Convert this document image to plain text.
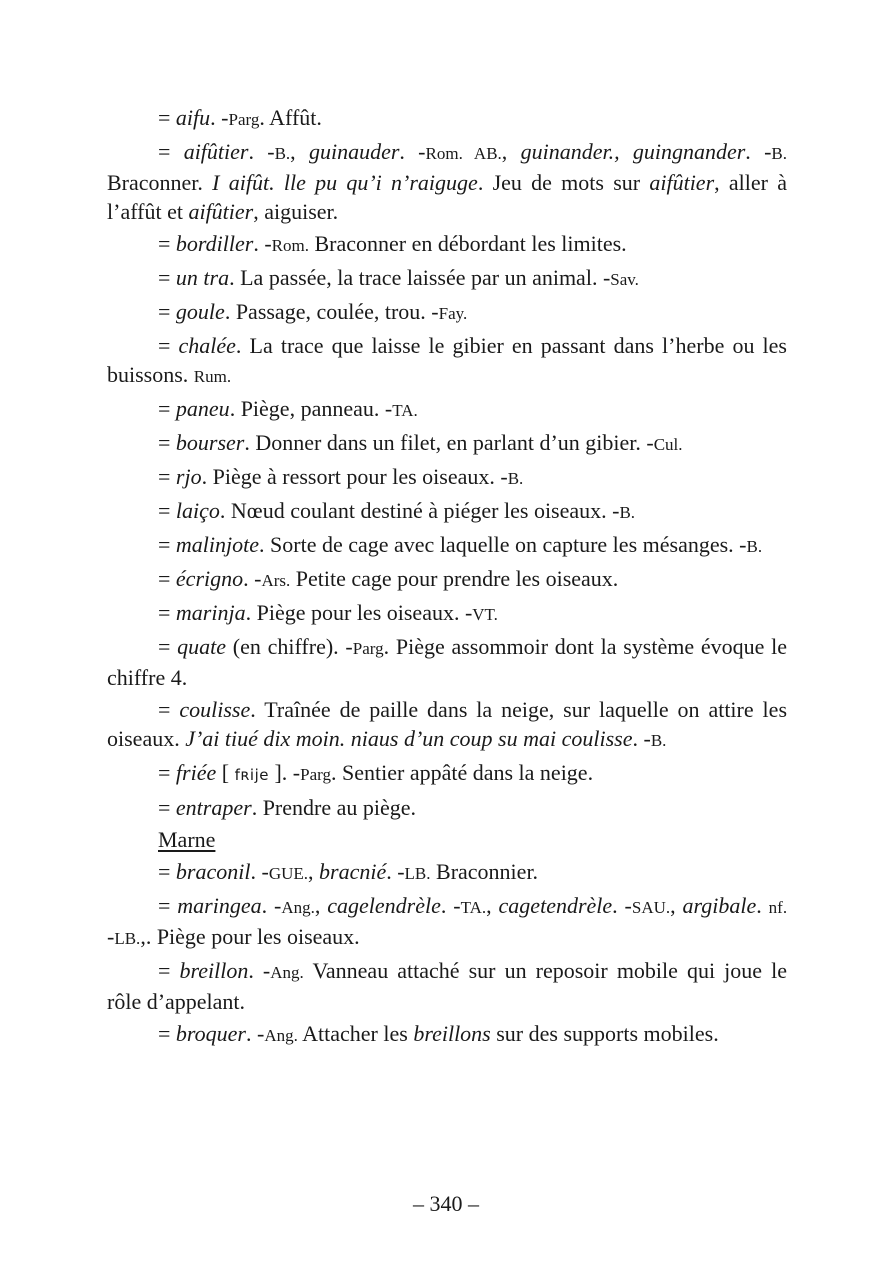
= aifu. -Parg. Affût.

= aifûtier. -B., guinauder. -Rom. AB., guinander., guingnander. -B. Braconner. I aifût. lle pu qu’i n’raiguge. Jeu de mots sur aifûtier, aller à l’affût et aifûtier, aiguiser.

= bordiller. -Rom. Braconner en débordant les limites.

= un tra. La passée, la trace laissée par un animal. -Sav.

= goule. Passage, coulée, trou. -Fay.

= chalée. La trace que laisse le gibier en passant dans l’herbe ou les buissons. Rum.

= paneu. Piège, panneau. -TA.

= bourser. Donner dans un filet, en parlant d’un gibier. -Cul.

= rjo. Piège à ressort pour les oiseaux. -B.

= laiço. Nœud coulant destiné à piéger les oiseaux. -B.

= malinjote. Sorte de cage avec laquelle on capture les mésanges. -B.

= écrigno. -Ars. Petite cage pour prendre les oiseaux.

= marinja. Piège pour les oiseaux. -VT.

= quate (en chiffre). -Parg. Piège assommoir dont la système évoque le chiffre 4.

= coulisse. Traînée de paille dans la neige, sur laquelle on attire les oiseaux. J’ai tiué dix moin. niaus d’un coup su mai coulisse. -B.

= friée [ fʀije ]. -Parg. Sentier appâté dans la neige.

= entraper. Prendre au piège.

Marne

= braconil. -GUE., bracnié. -LB. Braconnier.

= maringea. -Ang., cagelendrèle. -TA., cagetendrèle. -SAU., argibale. nf. -LB.,. Piège pour les oiseaux.

= breillon. -Ang. Vanneau attaché sur un reposoir mobile qui joue le rôle d’appelant.

= broquer. -Ang. Attacher les breillons sur des supports mobiles.

– 340 –
